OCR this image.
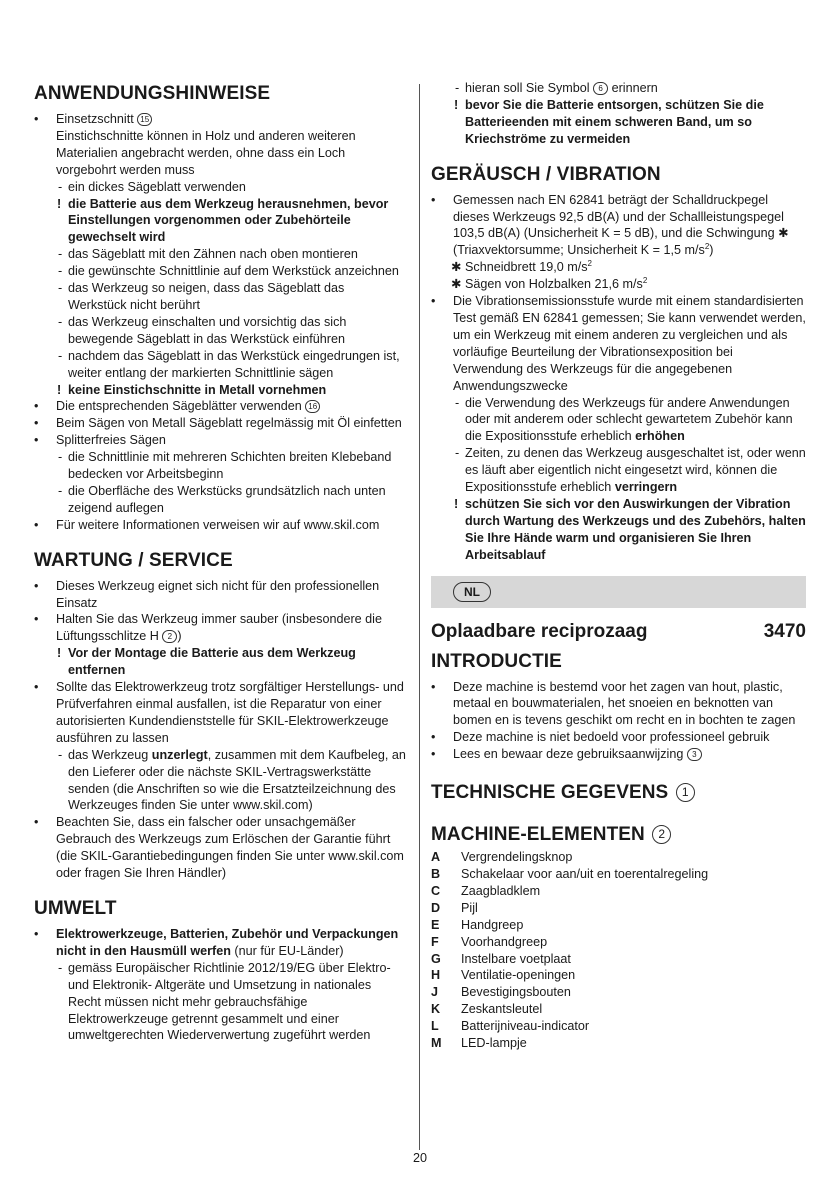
ANWENDUNGSHINWEISE
• Einsetzschnitt 15
Einstichschnitte können in Holz und anderen weiteren Materialien angebracht werden, ohne dass ein Loch vorgebohrt werden muss
- ein dickes Sägeblatt verwenden
! die Batterie aus dem Werkzeug herausnehmen, bevor Einstellungen vorgenommen oder Zubehörteile gewechselt wird
- das Sägeblatt mit den Zähnen nach oben montieren
- die gewünschte Schnittlinie auf dem Werkstück anzeichnen
- das Werkzeug so neigen, dass das Sägeblatt das Werkstück nicht berührt
- das Werkzeug einschalten und vorsichtig das sich bewegende Sägeblatt in das Werkstück einführen
- nachdem das Sägeblatt in das Werkstück eingedrungen ist, weiter entlang der markierten Schnittlinie sägen
! keine Einstichschnitte in Metall vornehmen
• Die entsprechenden Sägeblätter verwenden 16
• Beim Sägen von Metall Sägeblatt regelmässig mit Öl einfetten
• Splitterfreies Sägen
- die Schnittlinie mit mehreren Schichten breiten Klebeband bedecken vor Arbeitsbeginn
- die Oberfläche des Werkstücks grundsätzlich nach unten zeigend auflegen
• Für weitere Informationen verweisen wir auf www.skil.com
WARTUNG / SERVICE
• Dieses Werkzeug eignet sich nicht für den professionellen Einsatz
• Halten Sie das Werkzeug immer sauber (insbesondere die Lüftungsschlitze H 2 )
! Vor der Montage die Batterie aus dem Werkzeug entfernen
• Sollte das Elektrowerkzeug trotz sorgfältiger Herstellungs- und Prüfverfahren einmal ausfallen, ist die Reparatur von einer autorisierten Kundendienststelle für SKIL-Elektrowerkzeuge ausführen zu lassen
- das Werkzeug unzerlegt, zusammen mit dem Kaufbeleg, an den Lieferer oder die nächste SKIL-Vertragswerkstätte senden (die Anschriften so wie die Ersatzteilzeichnung des Werkzeuges finden Sie unter www.skil.com)
• Beachten Sie, dass ein falscher oder unsachgemäßer Gebrauch des Werkzeugs zum Erlöschen der Garantie führt (die SKIL-Garantiebedingungen finden Sie unter www.skil.com oder fragen Sie Ihren Händler)
UMWELT
• Elektrowerkzeuge, Batterien, Zubehör und Verpackungen nicht in den Hausmüll werfen (nur für EU-Länder)
- gemäss Europäischer Richtlinie 2012/19/EG über Elektro- und Elektronik- Altgeräte und Umsetzung in nationales Recht müssen nicht mehr gebrauchsfähige Elektrowerkzeuge getrennt gesammelt und einer umweltgerechten Wiederverwertung zugeführt werden
- hieran soll Sie Symbol 6 erinnern
! bevor Sie die Batterie entsorgen, schützen Sie die Batterieenden mit einem schweren Band, um so Kriechströme zu vermeiden
GERÄUSCH / VIBRATION
• Gemessen nach EN 62841 beträgt der Schalldruckpegel dieses Werkzeugs 92,5 dB(A) und der Schallleistungspegel 103,5 dB(A) (Unsicherheit K = 5 dB), und die Schwingung ✱ (Triaxvektorsumme; Unsicherheit K = 1,5 $m/s^2$)
✱ Schneidbrett 19,0 $m/s^2$
✱ Sägen von Holzbalken 21,6 $m/s^2$
• Die Vibrationsemissionsstufe wurde mit einem standardisierten Test gemäß EN 62841 gemessen; Sie kann verwendet werden, um ein Werkzeug mit einem anderen zu vergleichen und als vorläufige Beurteilung der Vibrationsexposition bei Verwendung des Werkzeugs für die angegebenen Anwendungszwecke
- die Verwendung des Werkzeugs für andere Anwendungen oder mit anderem oder schlecht gewartetem Zubehör kann die Expositionsstufe erheblich erhöhen
- Zeiten, zu denen das Werkzeug ausgeschaltet ist, oder wenn es läuft aber eigentlich nicht eingesetzt wird, können die Expositionsstufe erheblich verringern
! schützen Sie sich vor den Auswirkungen der Vibration durch Wartung des Werkzeugs und des Zubehörs, halten Sie Ihre Hände warm und organisieren Sie Ihren Arbeitsablauf
NL
Oplaadbare reciprozaag	3470
INTRODUCTIE
• Deze machine is bestemd voor het zagen van hout, plastic, metaal en bouwmaterialen, het snoeien en beknotten van bomen en is tevens geschikt om recht en in bochten te zagen
• Deze machine is niet bedoeld voor professioneel gebruik
• Lees en bewaar deze gebruiksaanwijzing 3
TECHNISCHE GEGEVENS 1
MACHINE-ELEMENTEN 2
A	Vergrendelingsknop
B	Schakelaar voor aan/uit en toerentalregeling
C	Zaagbladklem
D	Pijl
E	Handgreep
F	Voorhandgreep
G	Instelbare voetplaat
H	Ventilatie-openingen
J	Bevestigingsbouten
K	Zeskantsleutel
L	Batterijniveau-indicator
M	LED-lampje
20
